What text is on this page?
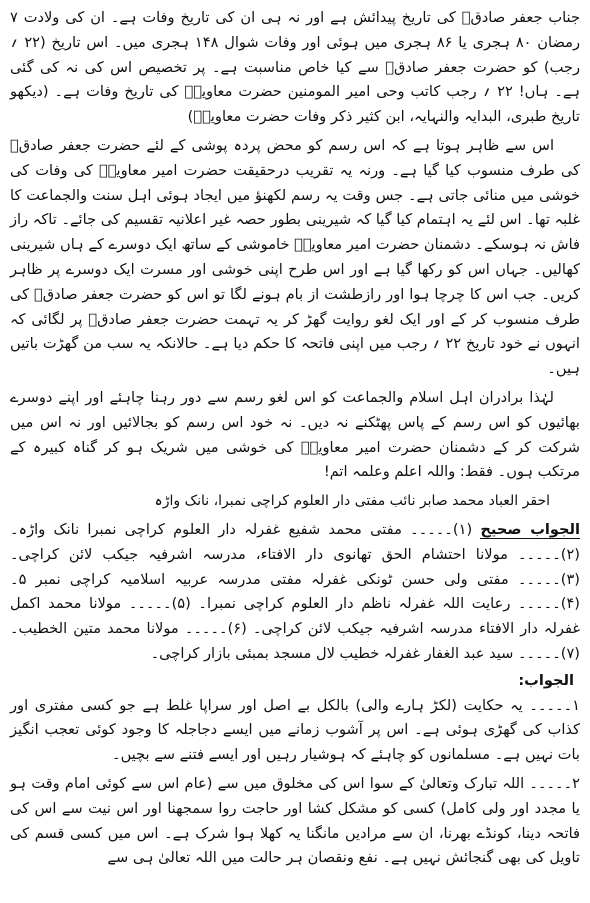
جناب جعفر صادقؒ کی تاریخ پیدائش ہے اور نہ ہی ان کی تاریخ وفات ہے۔ ان کی ولادت ۷ رمضان ۸۰ ہجری یا ۸۶ ہجری میں ہوئی اور وفات شوال ۱۴۸ ہجری میں۔ اس تاریخ (۲۲ ؍ رجب) کو حضرت جعفر صادقؒ سے کیا خاص مناسبت ہے۔ پر تخصیص اس کی نہ کی گئی ہے۔ ہاں! ۲۲ ؍ رجب کاتب وحی امیر المومنین حضرت معاویہؓ کی تاریخ وفات ہے۔ (دیکھو تاریخ طبری، البدایہ والنہایہ، ابن کثیر ذکر وفات حضرت معاویہؓ)

اس سے ظاہر ہوتا ہے کہ اس رسم کو محض پردہ پوشی کے لئے حضرت جعفر صادقؒ کی طرف منسوب کیا گیا ہے۔ ورنہ یہ تقریب درحقیقت حضرت امیر معاویہؓ کی وفات کی خوشی میں منائی جاتی ہے۔ جس وقت یہ رسم لکھنؤ میں ایجاد ہوئی اہل سنت والجماعت کا غلبہ تھا۔ اس لئے یہ اہتمام کیا گیا کہ شیرینی بطور حصہ غیر اعلانیہ تقسیم کی جائے۔ تاکہ راز فاش نہ ہوسکے۔ دشمنان حضرت امیر معاویہؓ خاموشی کے ساتھ ایک دوسرے کے ہاں شیرینی کھالیں۔ جہاں اس کو رکھا گیا ہے اور اس طرح اپنی خوشی اور مسرت ایک دوسرے پر ظاہر کریں۔ جب اس کا چرچا ہوا اور رازطشت از بام ہونے لگا تو اس کو حضرت جعفر صادقؒ کی طرف منسوب کر کے اور ایک لغو روایت گھڑ کر یہ تہمت حضرت جعفر صادقؒ پر لگائی کہ انہوں نے خود تاریخ ۲۲ ؍ رجب میں اپنی فاتحہ کا حکم دیا ہے۔ حالانکہ یہ سب من گھڑت باتیں ہیں۔

لہٰذا برادران اہل اسلام والجماعت کو اس لغو رسم سے دور رہنا چاہئے اور اپنے دوسرے بھائیوں کو اس رسم کے پاس پھٹکنے نہ دیں۔ نہ خود اس رسم کو بجالائیں اور نہ اس میں شرکت کر کے دشمنان حضرت امیر معاویہؓ کی خوشی میں شریک ہو کر گناہ کبیرہ کے مرتکب ہوں۔ فقط: واللہ اعلم وعلمہ اتم!

احقر العباد محمد صابر نائب مفتی دار العلوم کراچی نمبرا، نانک واڑہ

الجواب صحیح (۱)۔۔۔۔۔ مفتی محمد شفیع غفرلہ دار العلوم کراچی نمبرا نانک واڑہ۔ (۲)۔۔۔۔۔ مولانا احتشام الحق تھانوی دار الافتاء، مدرسہ اشرفیہ جیکب لائن کراچی۔ (۳)۔۔۔۔۔ مفتی ولی حسن ٹونکی غفرلہ مفتی مدرسہ عربیہ اسلامیہ کراچی نمبر ۵۔ (۴)۔۔۔۔۔ رعایت اللہ غفرلہ ناظم دار العلوم کراچی نمبرا۔ (۵)۔۔۔۔۔ مولانا محمد اکمل غفرلہ دار الافتاء مدرسہ اشرفیہ جیکب لائن کراچی۔ (۶)۔۔۔۔۔ مولانا محمد متین الخطیب۔ (۷)۔۔۔۔۔ سید عبد الغفار غفرلہ خطیب لال مسجد بمبئی بازار کراچی۔

الجواب:

۱۔۔۔۔۔ یہ حکایت (لکڑ ہارے والی) بالکل بے اصل اور سراپا غلط ہے جو کسی مفتری اور کذاب کی گھڑی ہوئی ہے۔ اس پر آشوب زمانے میں ایسے دجاجلہ کا وجود کوئی تعجب انگیز بات نہیں ہے۔ مسلمانوں کو چاہئے کہ ہوشیار رہیں اور ایسے فتنے سے بچیں۔

۲۔۔۔۔۔ اللہ تبارک وتعالیٰ کے سوا اس کی مخلوق میں سے (عام اس سے کوئی امام وقت ہو یا مجدد اور ولی کامل) کسی کو مشکل کشا اور حاجت روا سمجھنا اور اس نیت سے اس کی فاتحہ دینا، کونڈے بھرنا، ان سے مرادیں مانگنا یہ کھلا ہوا شرک ہے۔ اس میں کسی قسم کی تاویل کی بھی گنجائش نہیں ہے۔ نفع ونقصان ہر حالت میں اللہ تعالیٰ ہی سے
